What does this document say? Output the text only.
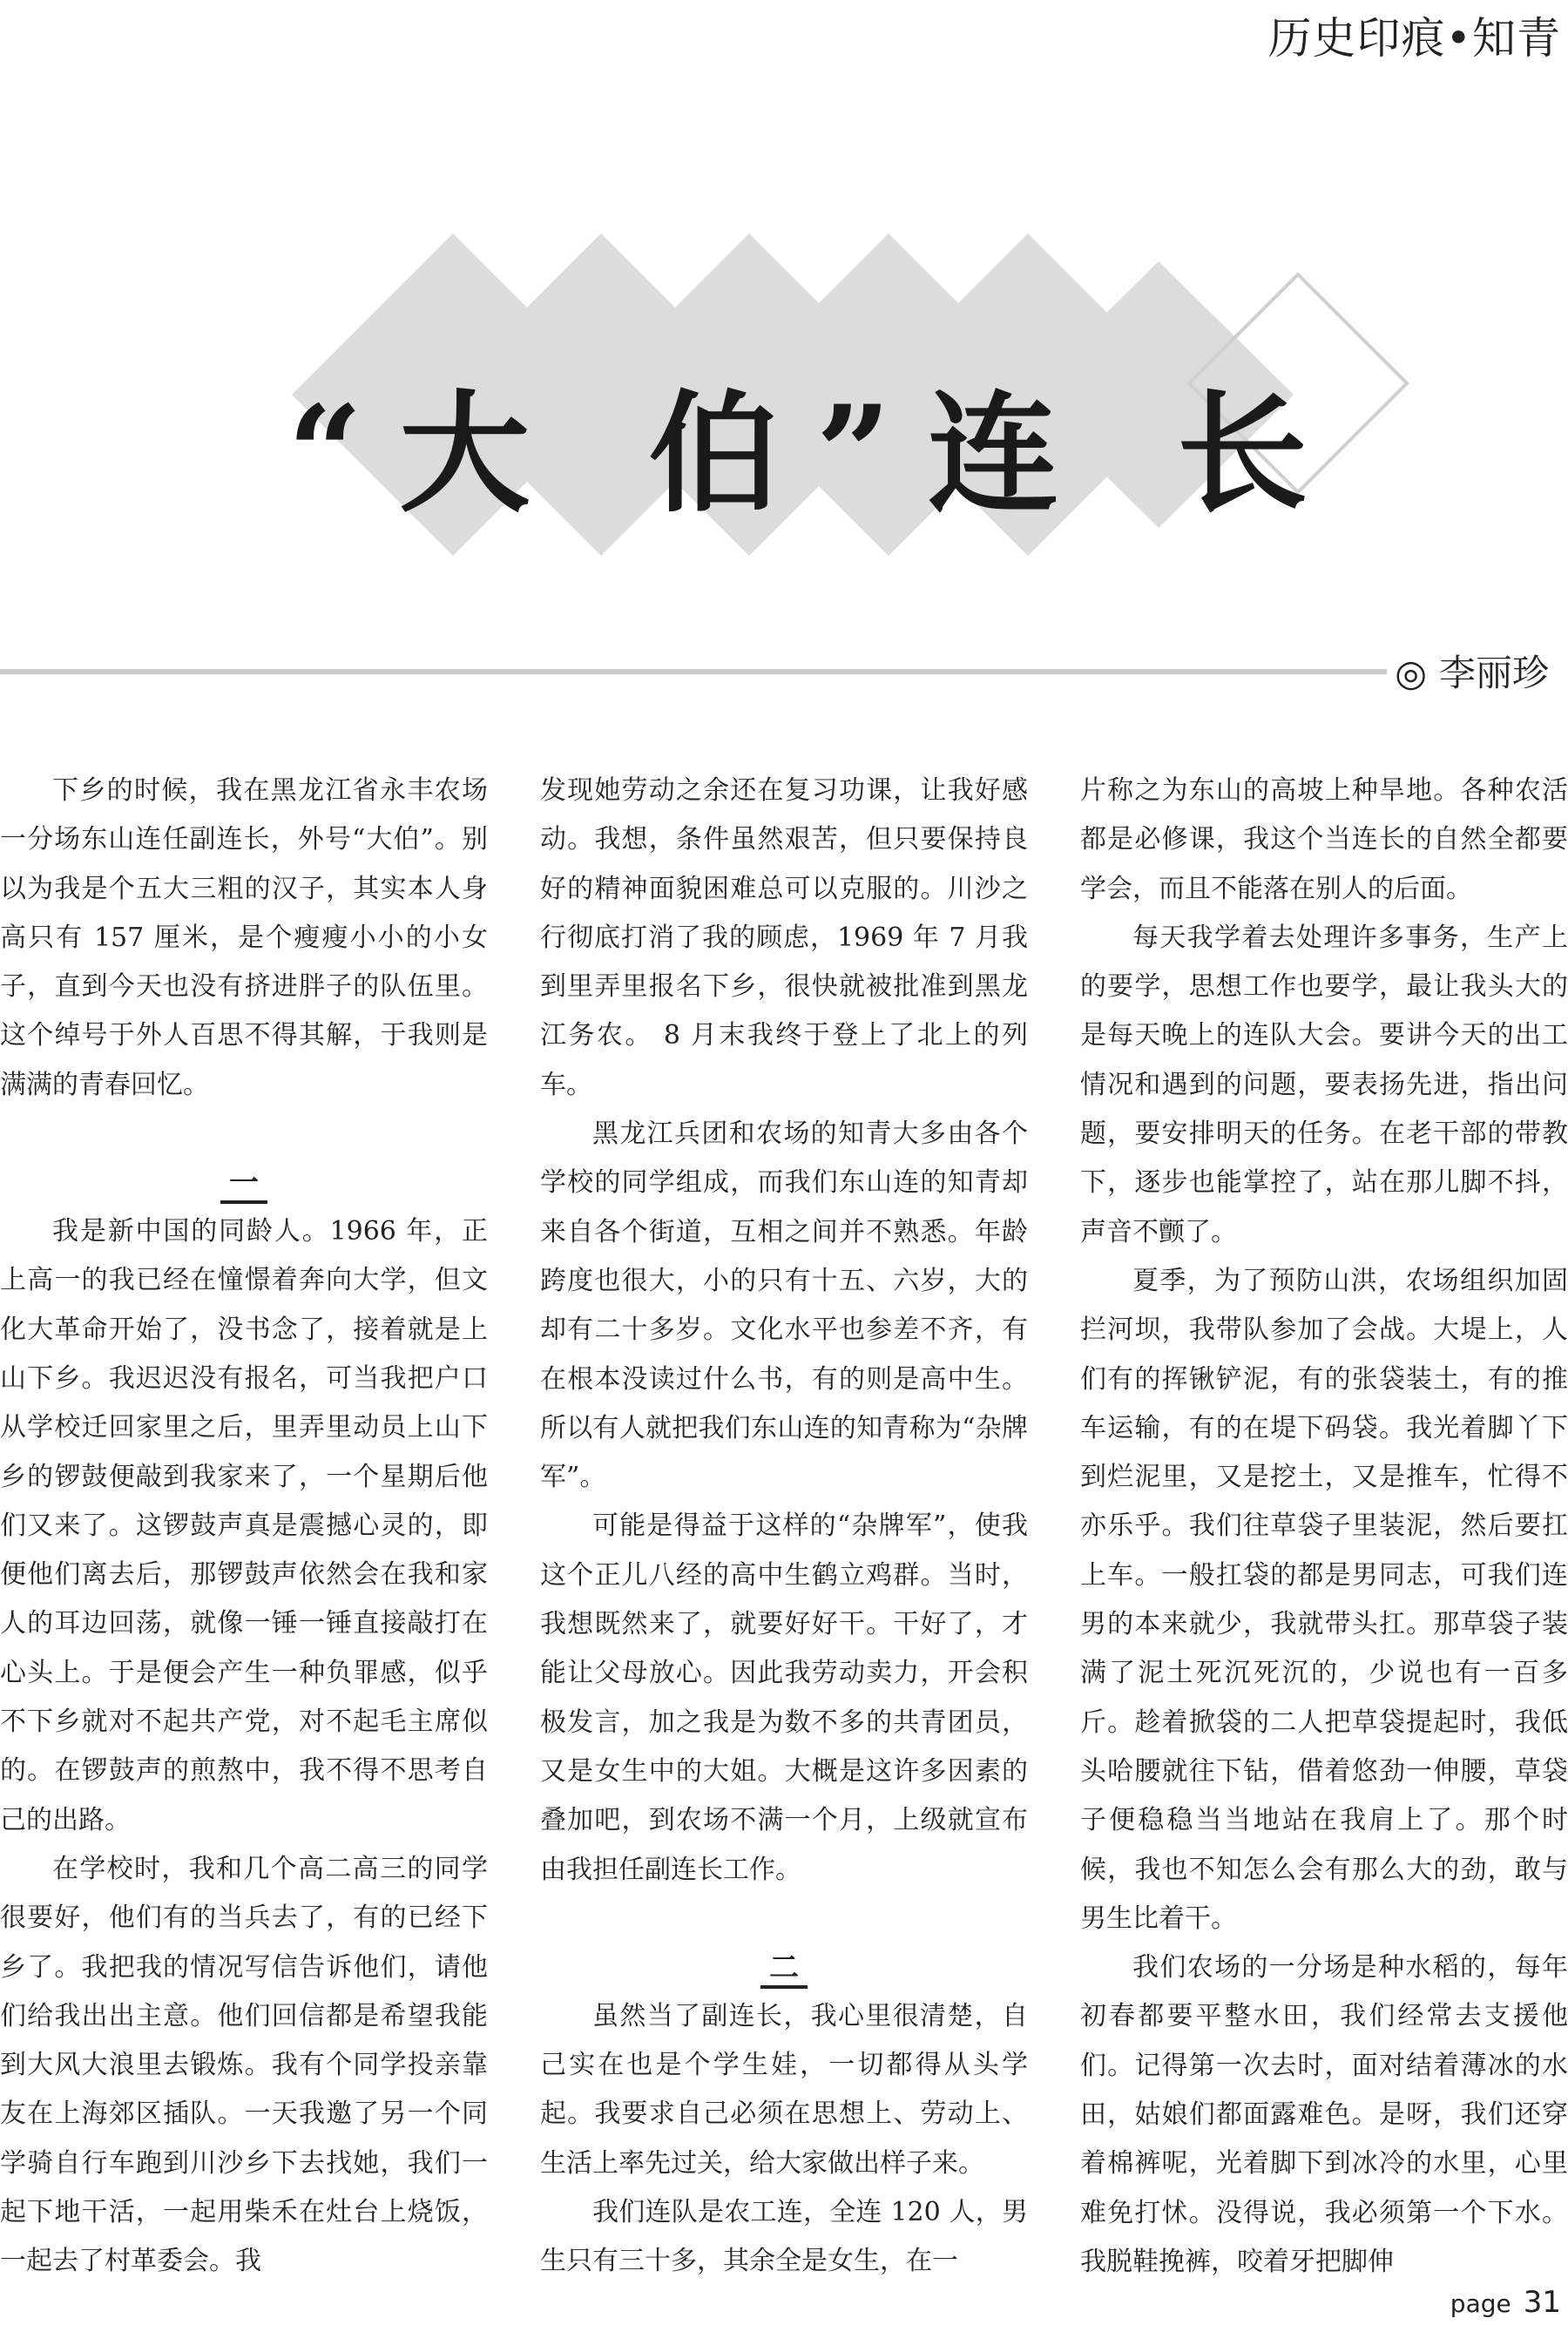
历史印痕•知青
“大 伯”连 长
◎ 李丽珍

下乡的时候，我在黑龙江省永丰农场一分场东山连任副连长，外号“大伯”。别以为我是个五大三粗的汉子，其实本人身高只有 157 厘米，是个瘦瘦小小的小女子，直到今天也没有挤进胖子的队伍里。这个绰号于外人百思不得其解，于我则是满满的青春回忆。

一

我是新中国的同龄人。1966 年，正上高一的我已经在憧憬着奔向大学，但文化大革命开始了，没书念了，接着就是上山下乡。我迟迟没有报名，可当我把户口从学校迁回家里之后，里弄里动员上山下乡的锣鼓便敲到我家来了，一个星期后他们又来了。这锣鼓声真是震撼心灵的，即便他们离去后，那锣鼓声依然会在我和家人的耳边回荡，就像一锤一锤直接敲打在心头上。于是便会产生一种负罪感，似乎不下乡就对不起共产党，对不起毛主席似的。在锣鼓声的煎熬中，我不得不思考自己的出路。

在学校时，我和几个高二高三的同学很要好，他们有的当兵去了，有的已经下乡了。我把我的情况写信告诉他们，请他们给我出出主意。他们回信都是希望我能到大风大浪里去锻炼。我有个同学投亲靠友在上海郊区插队。一天我邀了另一个同学骑自行车跑到川沙乡下去找她，我们一起下地干活，一起用柴禾在灶台上烧饭，一起去了村革委会。我

发现她劳动之余还在复习功课，让我好感动。我想，条件虽然艰苦，但只要保持良好的精神面貌困难总可以克服的。川沙之行彻底打消了我的顾虑，1969 年 7 月我到里弄里报名下乡，很快就被批准到黑龙江务农。 8 月末我终于登上了北上的列车。

黑龙江兵团和农场的知青大多由各个学校的同学组成，而我们东山连的知青却来自各个街道，互相之间并不熟悉。年龄跨度也很大，小的只有十五、六岁，大的却有二十多岁。文化水平也参差不齐，有在根本没读过什么书，有的则是高中生。所以有人就把我们东山连的知青称为“杂牌军”。

可能是得益于这样的“杂牌军”，使我这个正儿八经的高中生鹤立鸡群。当时，我想既然来了，就要好好干。干好了，才能让父母放心。因此我劳动卖力，开会积极发言，加之我是为数不多的共青团员，又是女生中的大姐。大概是这许多因素的叠加吧，到农场不满一个月，上级就宣布由我担任副连长工作。

二

虽然当了副连长，我心里很清楚，自己实在也是个学生娃，一切都得从头学起。我要求自己必须在思想上、劳动上、生活上率先过关，给大家做出样子来。

我们连队是农工连，全连 120 人，男生只有三十多，其余全是女生，在一

片称之为东山的高坡上种旱地。各种农活都是必修课，我这个当连长的自然全都要学会，而且不能落在别人的后面。

每天我学着去处理许多事务，生产上的要学，思想工作也要学，最让我头大的是每天晚上的连队大会。要讲今天的出工情况和遇到的问题，要表扬先进，指出问题，要安排明天的任务。在老干部的带教下，逐步也能掌控了，站在那儿脚不抖，声音不颤了。

夏季，为了预防山洪，农场组织加固拦河坝，我带队参加了会战。大堤上，人们有的挥锹铲泥，有的张袋装土，有的推车运输，有的在堤下码袋。我光着脚丫下到烂泥里，又是挖土，又是推车，忙得不亦乐乎。我们往草袋子里装泥，然后要扛上车。一般扛袋的都是男同志，可我们连男的本来就少，我就带头扛。那草袋子装满了泥土死沉死沉的，少说也有一百多斤。趁着掀袋的二人把草袋提起时，我低头哈腰就往下钻，借着悠劲一伸腰，草袋子便稳稳当当地站在我肩上了。那个时候，我也不知怎么会有那么大的劲，敢与男生比着干。

我们农场的一分场是种水稻的，每年初春都要平整水田，我们经常去支援他们。记得第一次去时，面对结着薄冰的水田，姑娘们都面露难色。是呀，我们还穿着棉裤呢，光着脚下到冰冷的水里，心里难免打怵。没得说，我必须第一个下水。我脱鞋挽裤，咬着牙把脚伸

page 31
